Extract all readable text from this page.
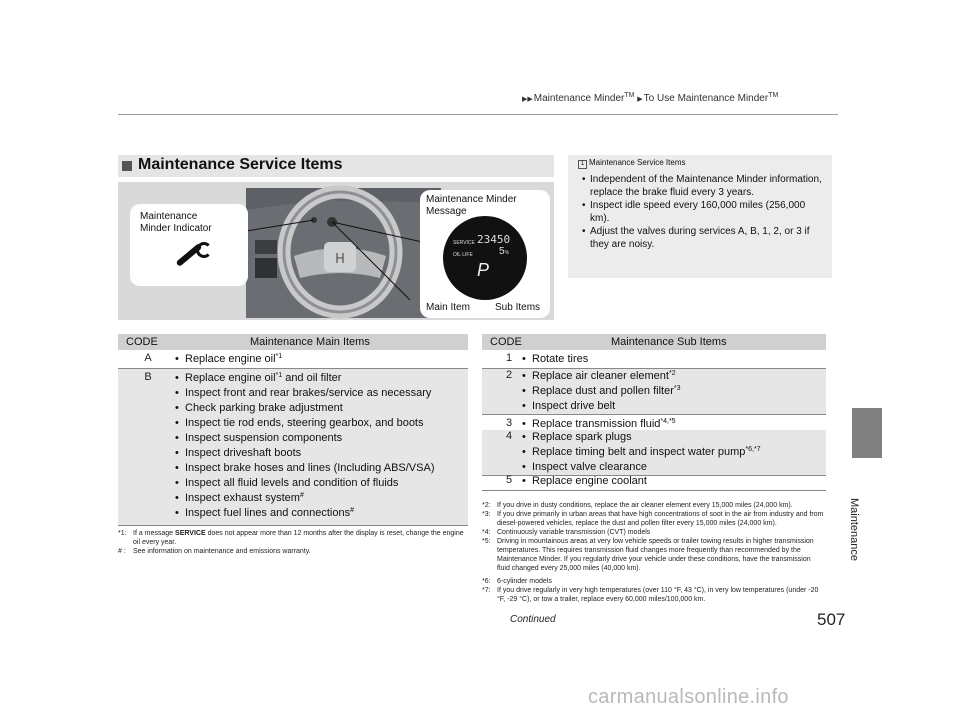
▶▶Maintenance Minder™ ▶To Use Maintenance Minder™
Maintenance
Maintenance Service Items
H
Maintenance
Minder Indicator
Maintenance Minder
Message
SERVICE 23450
OIL LIFE	5%
P
Main Item	Sub Items
1 Maintenance Service Items
• Independent of the Maintenance Minder information, replace the brake fluid every 3 years.
• Inspect idle speed every 160,000 miles (256,000 km).
• Adjust the valves during services A, B, 1, 2, or 3 if they are noisy.
CODE	Maintenance Main Items
A	• Replace engine oil$^{*1}$
B	• Replace engine oil$^{*1}$ and oil filter
• Inspect front and rear brakes/service as necessary
• Check parking brake adjustment
• Inspect tie rod ends, steering gearbox, and boots
• Inspect suspension components
• Inspect driveshaft boots
• Inspect brake hoses and lines (Including ABS/VSA)
• Inspect all fluid levels and condition of fluids
• Inspect exhaust system#
• Inspect fuel lines and connections#
*1: If a message SERVICE does not appear more than 12 months after the display is reset, change the engine oil every year.
# : See information on maintenance and emissions warranty.
CODE	Maintenance Sub Items
1	• Rotate tires
2	• Replace air cleaner element$^{*2}$
• Replace dust and pollen filter$^{*3}$
• Inspect drive belt
3	• Replace transmission fluid$^{*4,*5}$
4	• Replace spark plugs
• Replace timing belt and inspect water pump$^{*6,*7}$
• Inspect valve clearance
5	• Replace engine coolant
*2: If you drive in dusty conditions, replace the air cleaner element every 15,000 miles (24,000 km).
*3: If you drive primarily in urban areas that have high concentrations of soot in the air from industry and from diesel-powered vehicles, replace the dust and pollen filter every 15,000 miles (24,000 km).
*4: Continuously variable transmission (CVT) models
*5: Driving in mountainous areas at very low vehicle speeds or trailer towing results in higher transmission temperatures. This requires transmission fluid changes more frequently than recommended by the Maintenance Minder. If you regularly drive your vehicle under these conditions, have the transmission fluid changed every 25,000 miles (40,000 km).
*6: 6-cylinder models
*7: If you drive regularly in very high temperatures (over 110 °F, 43 °C), in very low temperatures (under -20 °F, -29 °C), or tow a trailer, replace every 60,000 miles/100,000 km.
Continued	507
carmanualsonline.info
